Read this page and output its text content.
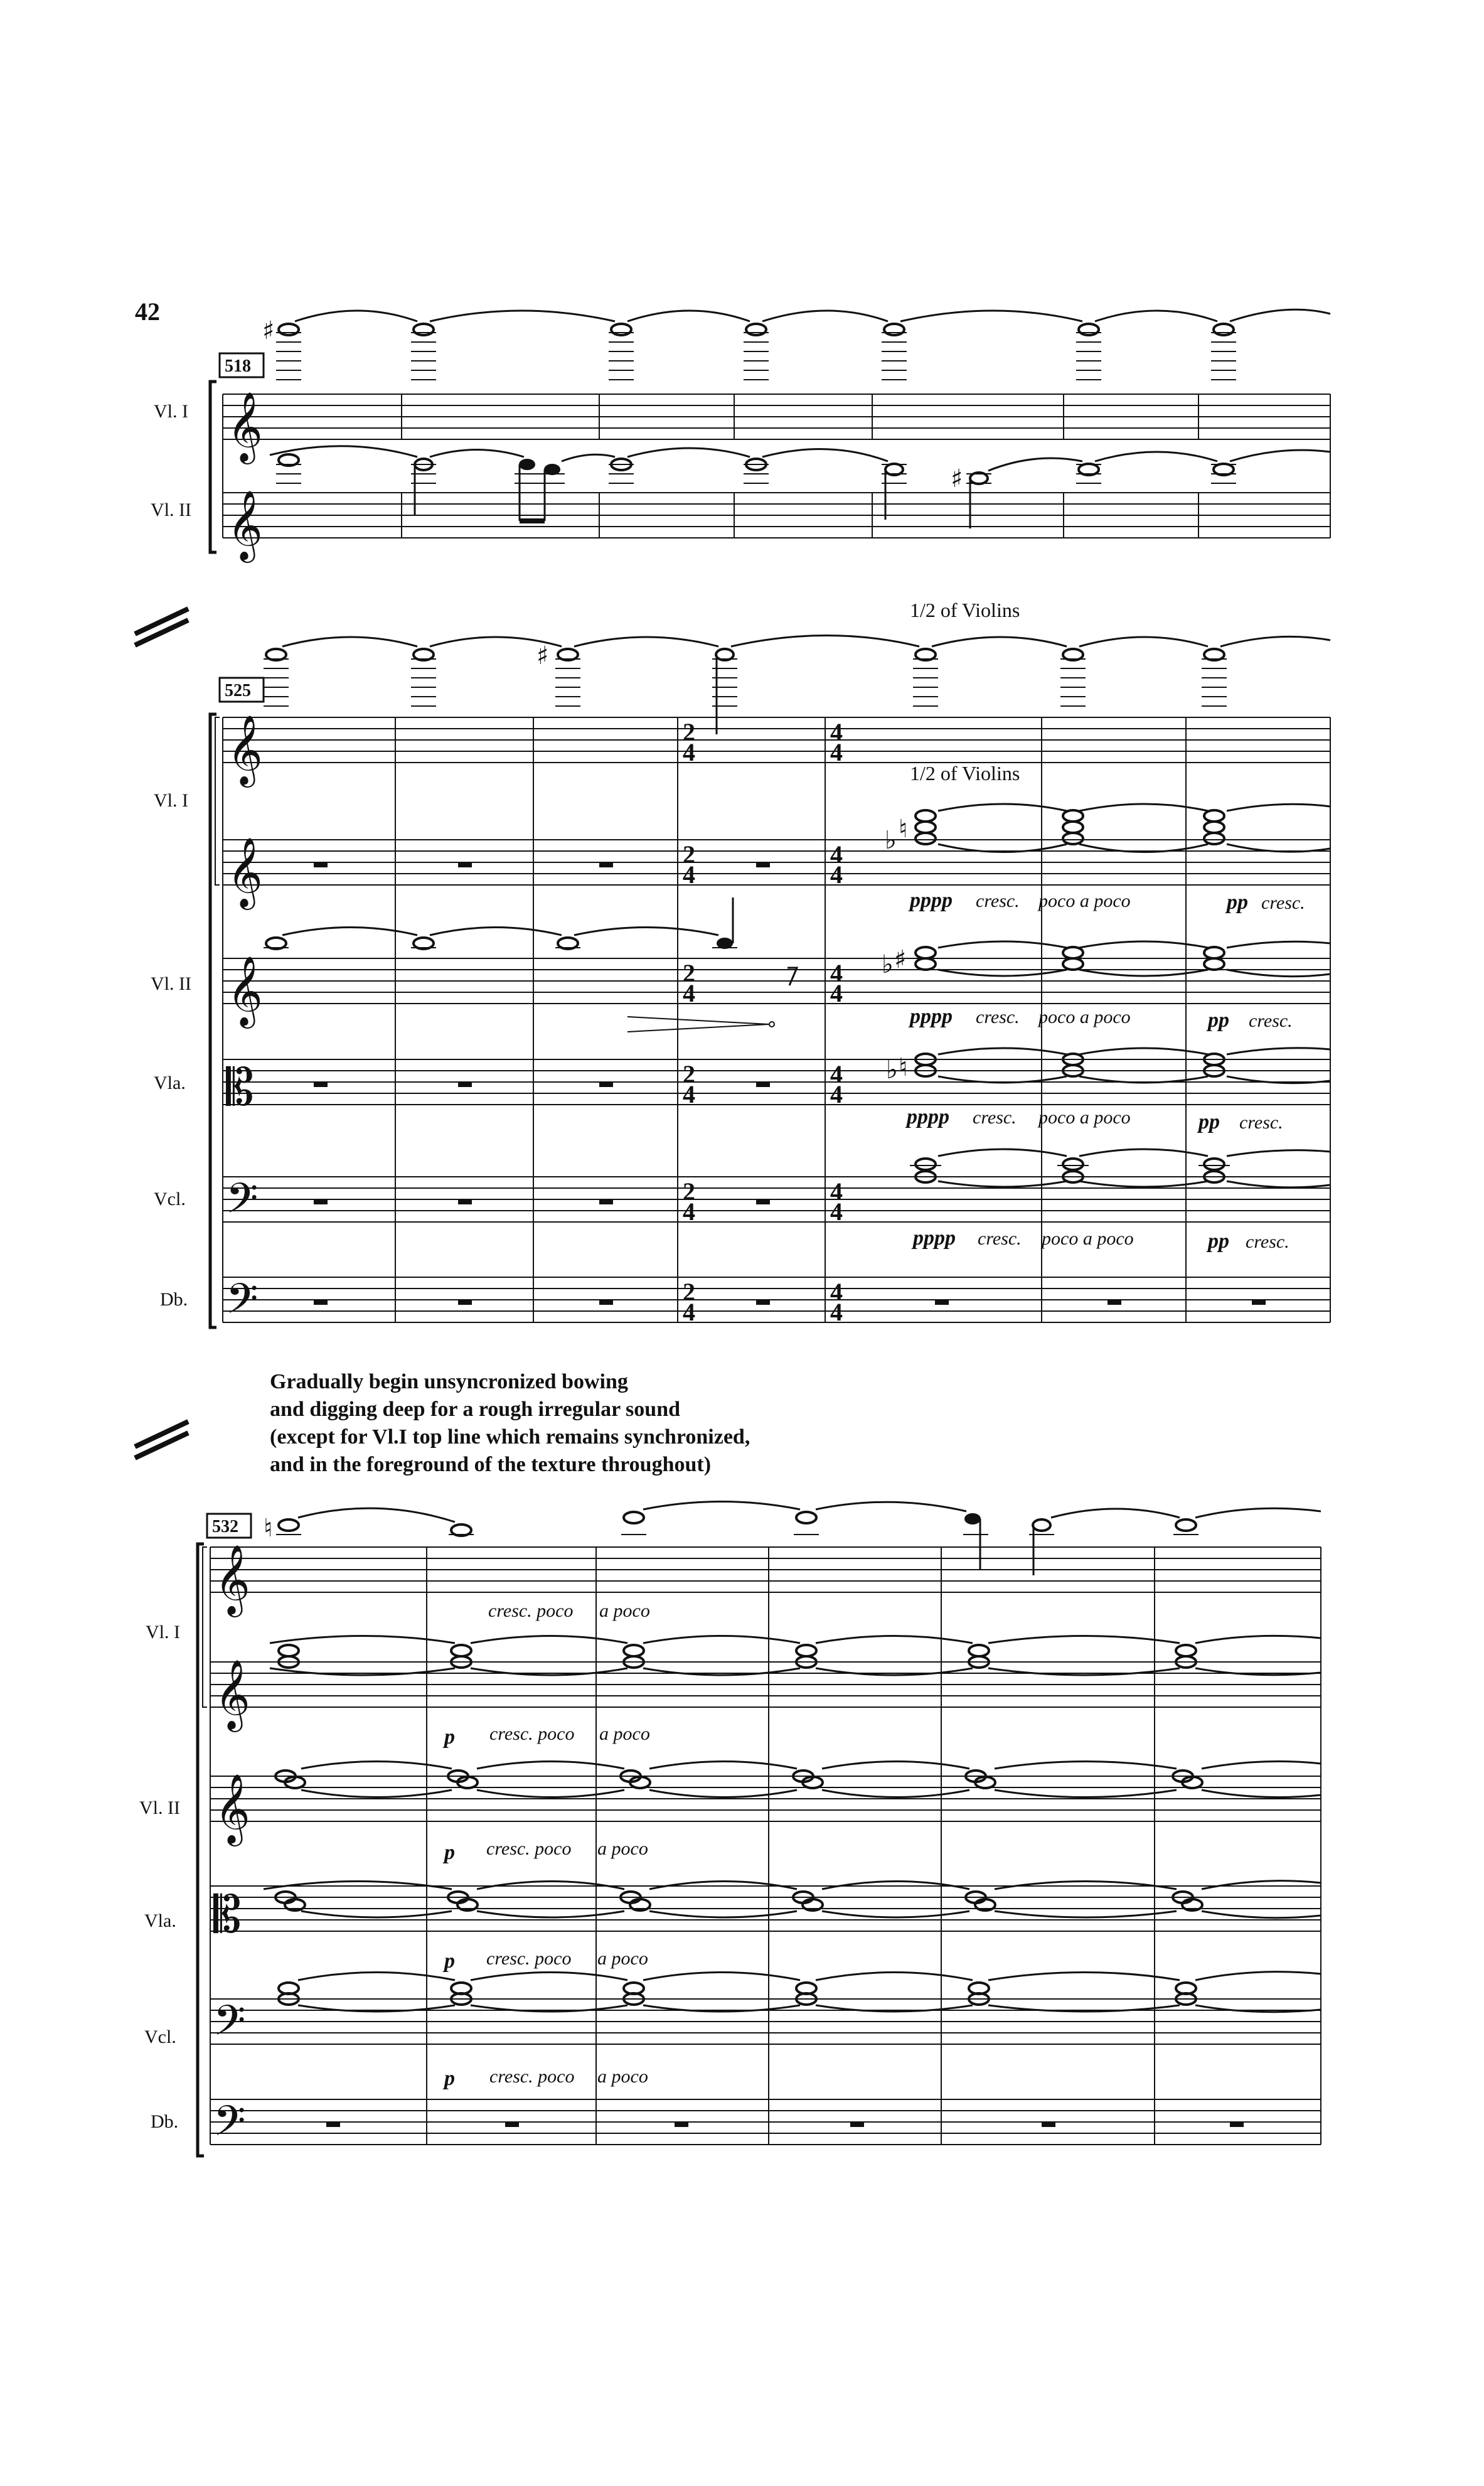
42
518
Vl. I
Vl. II
𝄞
𝄞
♯
♯
525
1/2 of Violins
1/2 of Violins
Vl. I
Vl. II
Vla.
Vcl.
Db.
𝄞
𝄞
𝄞
𝄡
𝄢
𝄢
2
4
2
4
2
4
2
4
2
4
2
4
4
4
4
4
4
4
4
4
4
4
4
4
♯
♭ ♮
♭ ♯
♭ ♮
pppp cresc. poco a poco	pp cresc.
pppp cresc. poco a poco	pp cresc.
pppp cresc. poco a poco	pp cresc.
pppp cresc. poco a poco	pp cresc.
Gradually begin unsyncronized bowing
and digging deep for a rough irregular sound
(except for Vl.I top line which remains synchronized,
and in the foreground of the texture throughout)
532
Vl. I
Vl. II
Vla.
Vcl.
Db.
𝄞
𝄞
𝄞
𝄡
𝄢
𝄢
♮
cresc. poco a poco
p cresc. poco a poco
p cresc. poco a poco
p cresc. poco a poco
p cresc. poco a poco
